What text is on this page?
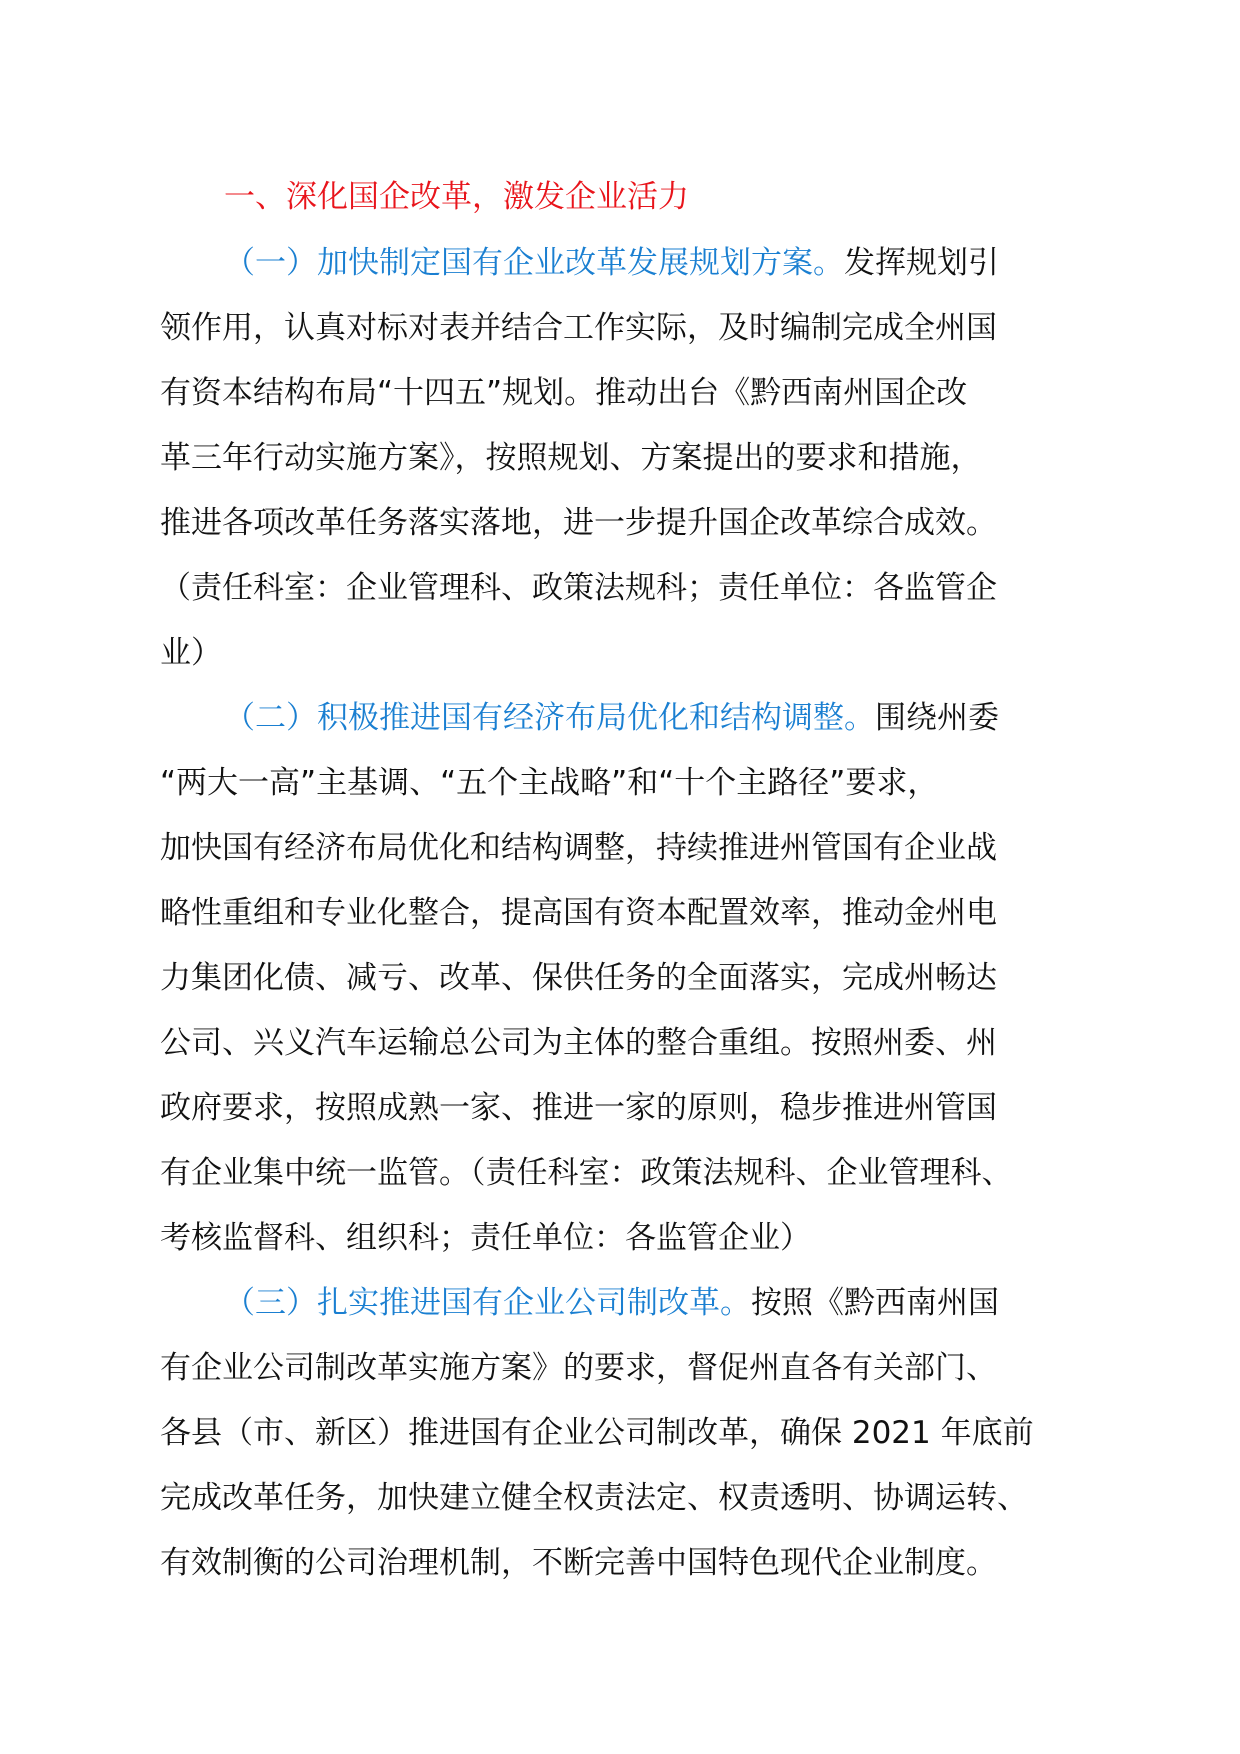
一、深化国企改革，激发企业活力
（一）加快制定国有企业改革发展规划方案。发挥规划引
领作用，认真对标对表并结合工作实际，及时编制完成全州国
有资本结构布局“十四五”规划。推动出台《黔西南州国企改
革三年行动实施方案》，按照规划、方案提出的要求和措施，
推进各项改革任务落实落地，进一步提升国企改革综合成效。
（责任科室：企业管理科、政策法规科；责任单位：各监管企
业）
（二）积极推进国有经济布局优化和结构调整。围绕州委
“两大一高”主基调、“五个主战略”和“十个主路径”要求，
加快国有经济布局优化和结构调整，持续推进州管国有企业战
略性重组和专业化整合，提高国有资本配置效率，推动金州电
力集团化债、减亏、改革、保供任务的全面落实，完成州畅达
公司、兴义汽车运输总公司为主体的整合重组。按照州委、州
政府要求，按照成熟一家、推进一家的原则，稳步推进州管国
有企业集中统一监管。（责任科室：政策法规科、企业管理科、
考核监督科、组织科；责任单位：各监管企业）
（三）扎实推进国有企业公司制改革。按照《黔西南州国
有企业公司制改革实施方案》的要求，督促州直各有关部门、
各县（市、新区）推进国有企业公司制改革，确保 2021 年底前
完成改革任务，加快建立健全权责法定、权责透明、协调运转、
有效制衡的公司治理机制，不断完善中国特色现代企业制度。
